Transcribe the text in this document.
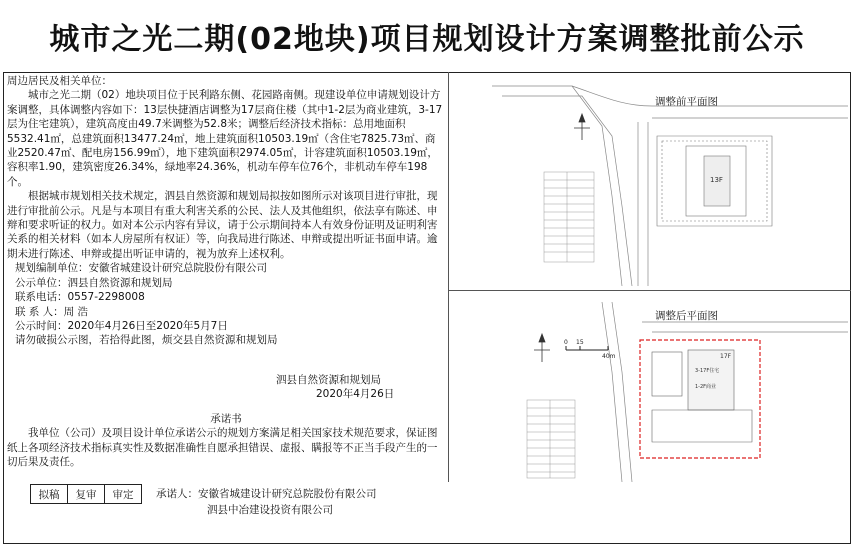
城市之光二期(02地块)项目规划设计方案调整批前公示

周边居民及相关单位：

城市之光二期（02）地块项目位于民利路东侧、花园路南侧。现建设单位申请规划设计方案调整，具体调整内容如下：13层快捷酒店调整为17层商住楼（其中1-2层为商业建筑，3-17层为住宅建筑），建筑高度由49.7米调整为52.8米；调整后经济技术指标：总用地面积5532.41㎡，总建筑面积13477.24㎡，地上建筑面积10503.19㎡（含住宅7825.73㎡、商业2520.47㎡、配电房156.99㎡），地下建筑面积2974.05㎡，计容建筑面积10503.19㎡，容积率1.90，建筑密度26.34%，绿地率24.36%，机动车停车位76个，非机动车停车198个。

根据城市规划相关技术规定，泗县自然资源和规划局拟按如图所示对该项目进行审批，现进行审批前公示。凡是与本项目有重大利害关系的公民、法人及其他组织，依法享有陈述、申辩和要求听证的权力。如对本公示内容有异议，请于公示期间持本人有效身份证明及证明利害关系的相关材料（如本人房屋所有权证）等，向我局进行陈述、申辩或提出听证书面申请。逾期未进行陈述、申辩或提出听证申请的，视为放弃上述权利。

规划编制单位：安徽省城建设计研究总院股份有限公司

公示单位：泗县自然资源和规划局

联系电话：0557-2298008

联 系 人：周 浩

公示时间：2020年4月26日至2020年5月7日

请勿破损公示图，若拾得此图，烦交县自然资源和规划局

泗县自然资源和规划局
2020年4月26日
承诺书

我单位（公司）及项目设计单位承诺公示的规划方案满足相关国家技术规范要求，保证图纸上各项经济技术指标真实性及数据准确性自愿承担错误、虚报、瞒报等不正当手段产生的一切后果及责任。

拟稿	复审	审定	承诺人：安徽省城建设计研究总院股份有限公司
泗县中冶建设投资有限公司
调整前平面图
13F
调整后平面图
17F
3-17F住宅
1-2F商业
0 15
40m
